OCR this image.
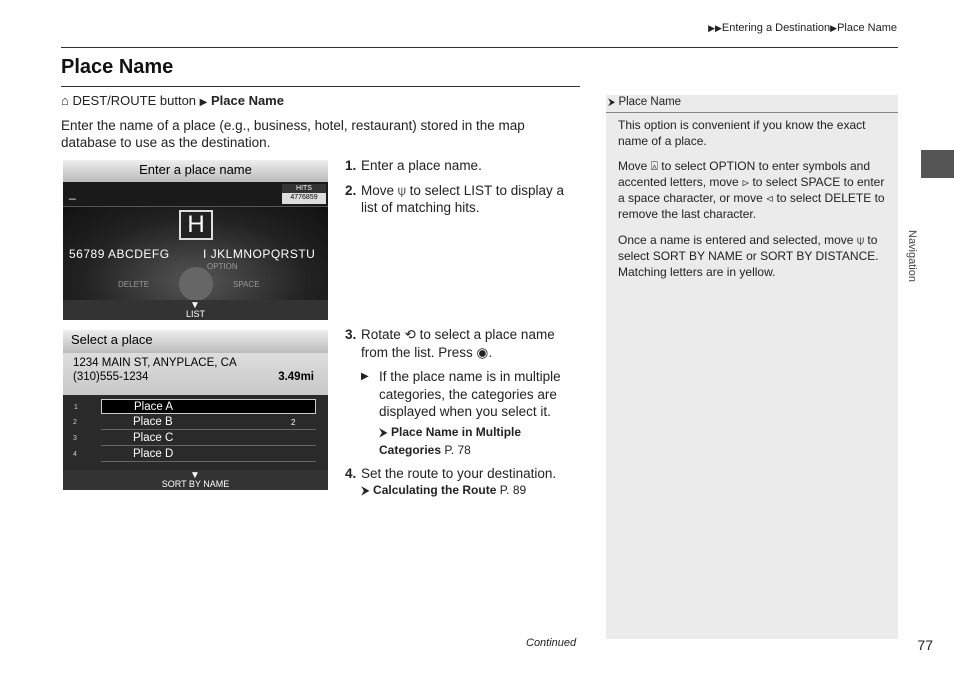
▶▶Entering a Destination▶Place Name
Place Name
⌂ DEST/ROUTE button ▶ Place Name
Enter the name of a place (e.g., business, hotel, restaurant) stored in the map database to use as the destination.
Enter a place name
_	HITS
4776859
H
56789 ABCDEFG	I JKLMNOPQRSTU
OPTION
DELETE	SPACE
▼
LIST
Select a place
1234 MAIN ST, ANYPLACE, CA
(310)555-1234	3.49mi
1	Place A
2	Place B	2
3	Place C
4	Place D
▼
SORT BY NAME
1. Enter a place name.
2. Move ⍦ to select LIST to display a list of matching hits.
3. Rotate ⟲ to select a place name from the list. Press ◉.
▶ If the place name is in multiple categories, the categories are displayed when you select it.
⮞ Place Name in Multiple Categories P. 78
4. Set the route to your destination.
⮞ Calculating the Route P. 89
⮞ Place Name
This option is convenient if you know the exact name of a place.
Move ⍓ to select OPTION to enter symbols and accented letters, move ⊳ to select SPACE to enter a space character, or move ⊲ to select DELETE to remove the last character.
Once a name is entered and selected, move ⍦ to select SORT BY NAME or SORT BY DISTANCE. Matching letters are in yellow.	Navigation
Continued	77
